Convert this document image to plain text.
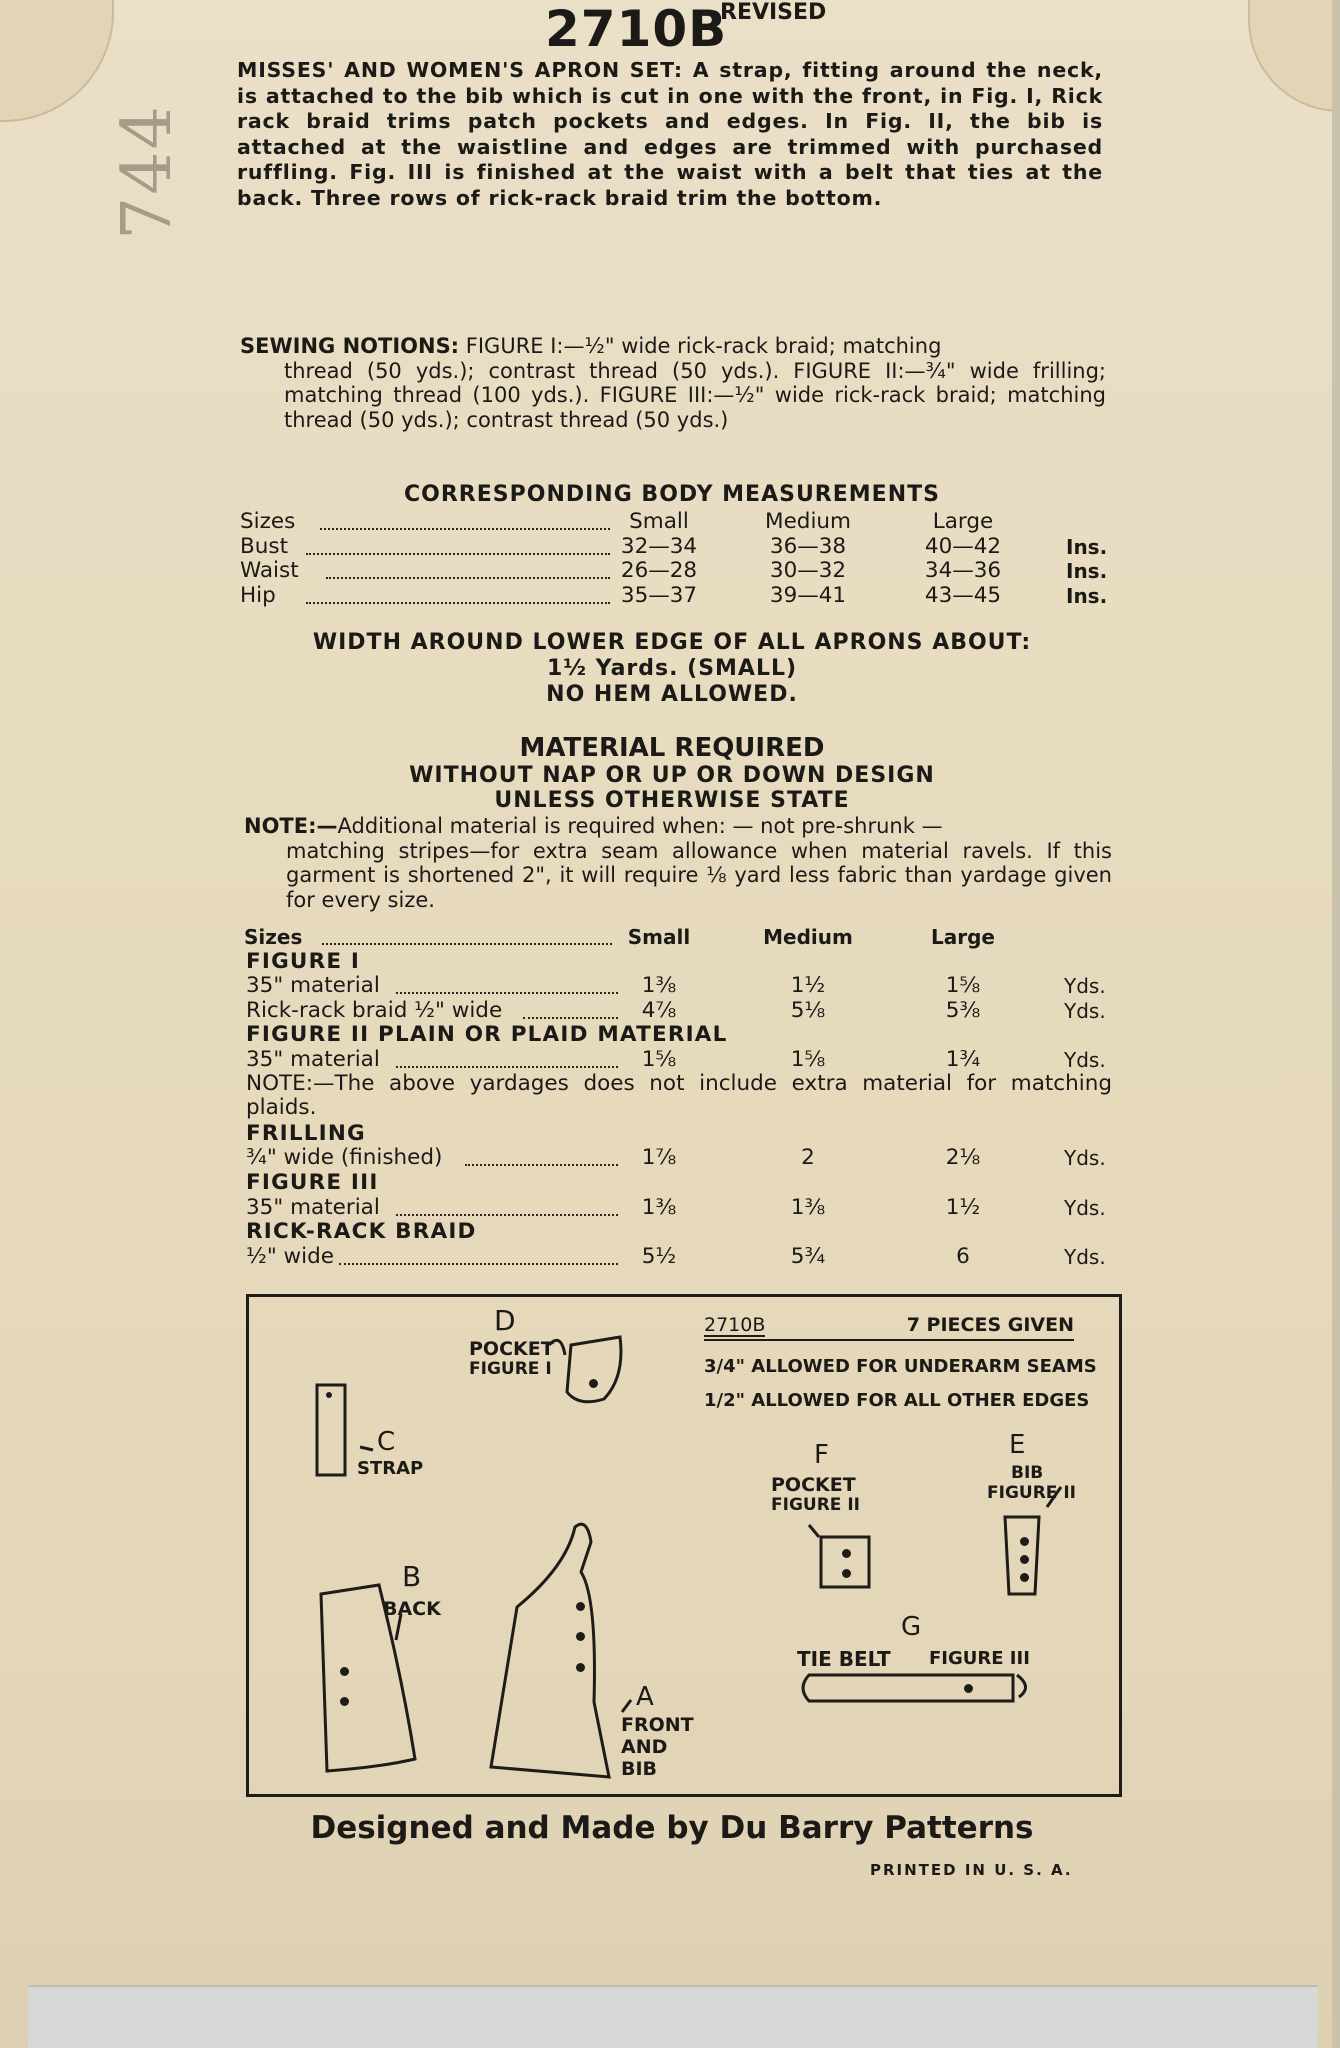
744
2710B
REVISED
MISSES' AND WOMEN'S APRON SET: A strap, fitting around the neck, is attached to the bib which is cut in one with the front, in Fig. I, Rick rack braid trims patch pockets and edges. In Fig. II, the bib is attached at the waistline and edges are trimmed with purchased ruffling. Fig. III is finished at the waist with a belt that ties at the back. Three rows of rick-rack braid trim the bottom.
SEWING NOTIONS: FIGURE I:—½" wide rick-rack braid; matching
thread (50 yds.); contrast thread (50 yds.). FIGURE II:—¾" wide frilling; matching thread (100 yds.). FIGURE III:—½" wide rick-rack braid; matching thread (50 yds.); contrast thread (50 yds.)
CORRESPONDING BODY MEASUREMENTS
Sizes	Small	Medium	Large
Bust	32—34	36—38	40—42	Ins.
Waist	26—28	30—32	34—36	Ins.
Hip	35—37	39—41	43—45	Ins.
WIDTH AROUND LOWER EDGE OF ALL APRONS ABOUT:
1½ Yards. (SMALL)
NO HEM ALLOWED.
MATERIAL REQUIRED
WITHOUT NAP OR UP OR DOWN DESIGN
UNLESS OTHERWISE STATE
NOTE:—Additional material is required when: — not pre-shrunk —
matching stripes—for extra seam allowance when material ravels. If this garment is shortened 2", it will require ⅛ yard less fabric than yardage given for every size.
Sizes	Small	Medium	Large
FIGURE I
35" material	1⅜	1½	1⅝	Yds.
Rick-rack braid ½" wide	4⅞	5⅛	5⅜	Yds.
FIGURE II PLAIN OR PLAID MATERIAL
35" material	1⅝	1⅝	1¾	Yds.
NOTE:—The above yardages does not include extra material for matching plaids.
FRILLING
¾" wide (finished)	1⅞	2	2⅛	Yds.
FIGURE III
35" material	1⅜	1⅜	1½	Yds.
RICK-RACK BRAID
½" wide	5½	5¾	6	Yds.
2710B	7 PIECES GIVEN
3/4" ALLOWED FOR UNDERARM SEAMS
1/2" ALLOWED FOR ALL OTHER EDGES
D
POCKET
FIGURE I
C
STRAP
B
BACK
A
FRONT
AND
BIB
F
POCKET
FIGURE II
E
BIB
FIGURE II
G
TIE BELT FIGURE III
Designed and Made by Du Barry Patterns
PRINTED IN U. S. A.
